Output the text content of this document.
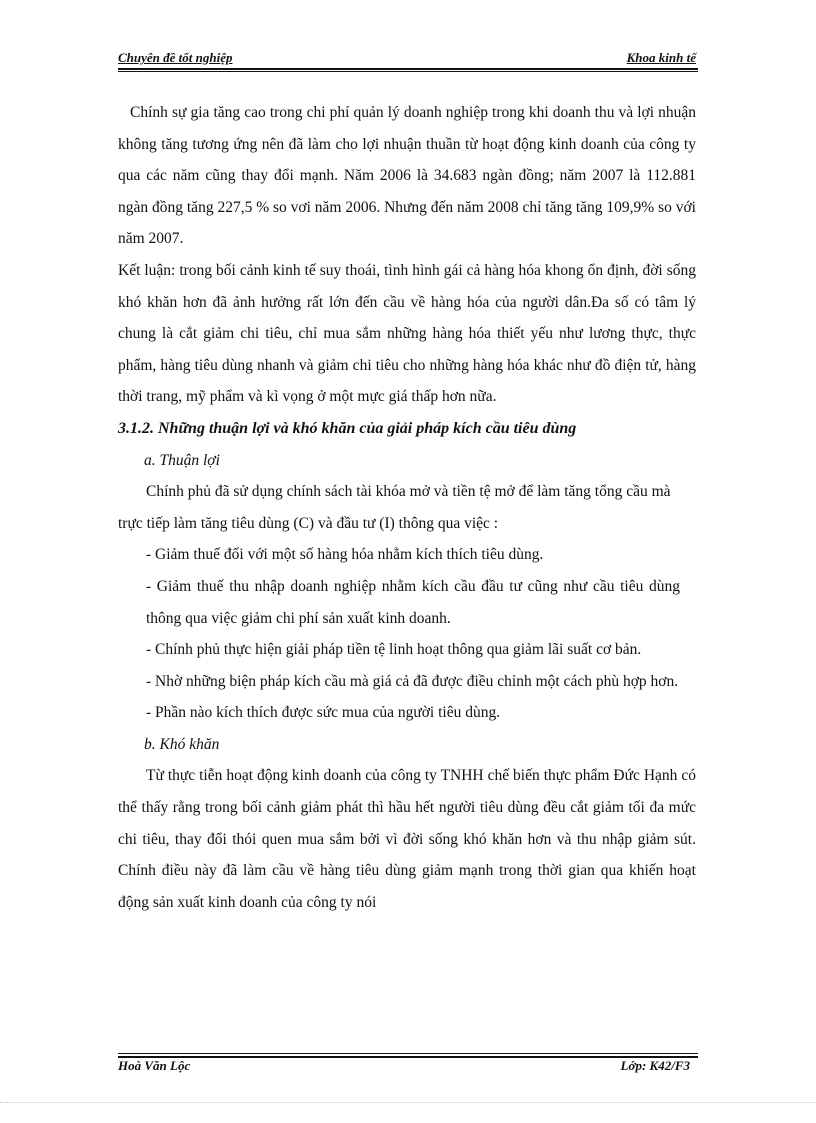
Chuyên đề tốt nghiệp	Khoa kinh tế

Chính sự gia tăng cao trong chi phí quản lý doanh nghiệp trong khi doanh thu và lợi nhuận không tăng tương ứng nên đã làm cho lợi nhuận thuần từ hoạt động kinh doanh của công ty qua các năm cũng thay đổi mạnh. Năm 2006 là 34.683 ngàn đồng; năm 2007 là 112.881 ngàn đồng tăng 227,5 % so vơi năm 2006. Nhưng đến năm 2008 chỉ tăng tăng 109,9% so với năm 2007.

Kết luận: trong bối cảnh kinh tế suy thoái, tình hình gái cả hàng hóa khong ổn định, đời sống khó khăn hơn đã ảnh hưởng rất lớn đến cầu về hàng hóa của người dân.Đa số có tâm lý chung là cắt giảm chi tiêu, chỉ mua sắm những hàng hóa thiết yếu như lương thực, thực phẩm, hàng tiêu dùng nhanh và giảm chi tiêu cho những hàng hóa khác như đồ điện tử, hàng thời trang, mỹ phẩm và kì vọng ở một mực giá thấp hơn nữa.

3.1.2. Những thuận lợi và khó khăn của giải pháp kích cầu tiêu dùng

a. Thuận lợi

Chính phủ đã sử dụng chính sách tài khóa mở và tiền tệ mở để làm tăng tổng cầu mà trực tiếp làm tăng tiêu dùng (C) và đầu tư (I) thông qua việc :

- Giảm thuế đối với một số hàng hóa nhằm kích thích tiêu dùng.

- Giảm thuế thu nhập doanh nghiệp nhằm kích cầu đầu tư cũng như cầu tiêu dùng thông qua việc giảm chi phí sản xuất kinh doanh.

- Chính phủ thực hiện giải pháp tiền tệ linh hoạt thông qua giảm lãi suất cơ bản.

- Nhờ những biện pháp kích cầu mà giá cả đã được điều chỉnh một cách phù hợp hơn.

- Phần nào kích thích được sức mua của người tiêu dùng.

b. Khó khăn

Từ thực tiễn hoạt động kinh doanh của công ty TNHH chế biến thực phẩm Đức Hạnh có thể thấy rằng trong bối cảnh giảm phát thì hầu hết người tiêu dùng đều cắt giảm tối đa mức chi tiêu, thay đổi thói quen mua sắm bởi vì đời sống khó khăn hơn và thu nhập giảm sút. Chính điều này đã làm cầu về hàng tiêu dùng giảm mạnh trong thời gian qua khiến hoạt động sản xuất kinh doanh của công ty nói

Hoà Văn Lộc	Lớp: K42/F3
